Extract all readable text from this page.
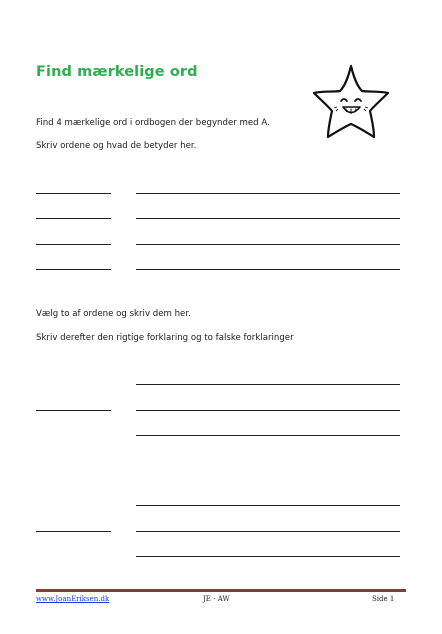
Find mærkelige ord
Find 4 mærkelige ord i ordbogen der begynder med A.
Skriv ordene og hvad de betyder her.
Vælg to af ordene og skriv dem her.
Skriv derefter den rigtige forklaring og to falske forklaringer
www.JoanEriksen.dk	JE - AW	Side 1
